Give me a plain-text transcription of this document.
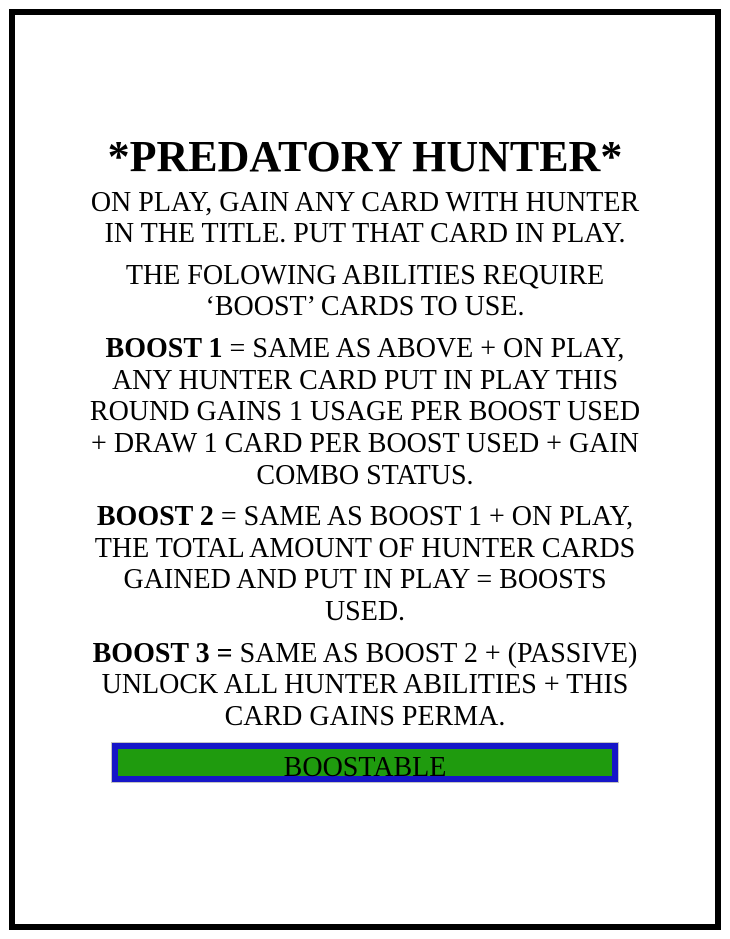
*PREDATORY HUNTER*

ON PLAY, GAIN ANY CARD WITH HUNTER IN THE TITLE. PUT THAT CARD IN PLAY.

THE FOLOWING ABILITIES REQUIRE ‘BOOST’ CARDS TO USE.

BOOST 1 = SAME AS ABOVE + ON PLAY, ANY HUNTER CARD PUT IN PLAY THIS ROUND GAINS 1 USAGE PER BOOST USED + DRAW 1 CARD PER BOOST USED + GAIN COMBO STATUS.

BOOST 2 = SAME AS BOOST 1 + ON PLAY, THE TOTAL AMOUNT OF HUNTER CARDS GAINED AND PUT IN PLAY = BOOSTS USED.

BOOST 3 = SAME AS BOOST 2 + (PASSIVE) UNLOCK ALL HUNTER ABILITIES + THIS CARD GAINS PERMA.

BOOSTABLE
